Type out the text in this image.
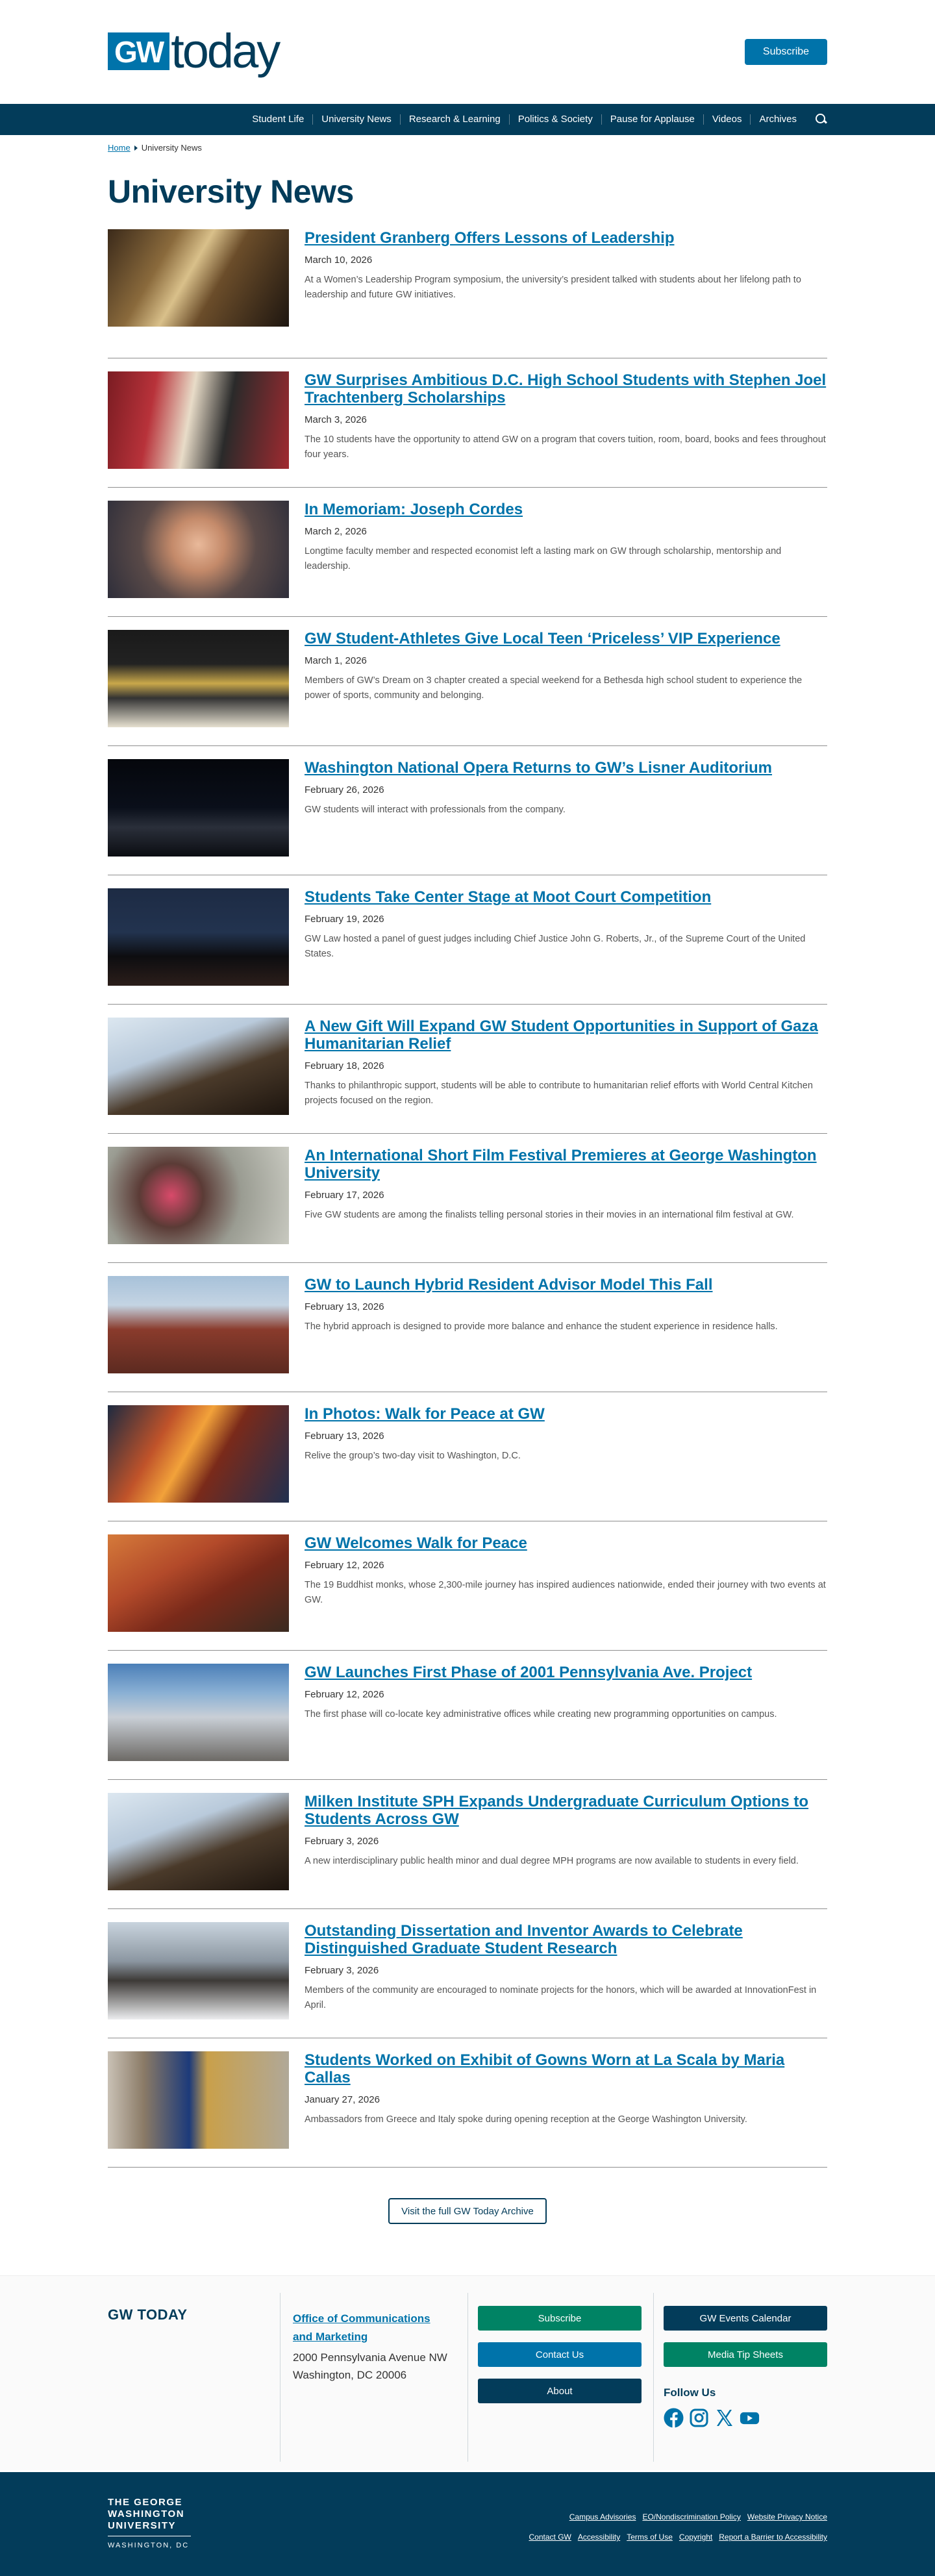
GW today	Subscribe
Student Life	University News	Research & Learning	Politics & Society	Pause for Applause	Videos	Archives
Home University News
University News
President Granberg Offers Lessons of Leadership
March 10, 2026
At a Women’s Leadership Program symposium, the university’s president talked with students about her lifelong path to leadership and future GW initiatives.
GW Surprises Ambitious D.C. High School Students with Stephen Joel Trachtenberg Scholarships
March 3, 2026
The 10 students have the opportunity to attend GW on a program that covers tuition, room, board, books and fees throughout four years.
In Memoriam: Joseph Cordes
March 2, 2026
Longtime faculty member and respected economist left a lasting mark on GW through scholarship, mentorship and leadership.
GW Student-Athletes Give Local Teen ‘Priceless’ VIP Experience
March 1, 2026
Members of GW’s Dream on 3 chapter created a special weekend for a Bethesda high school student to experience the power of sports, community and belonging.
Washington National Opera Returns to GW’s Lisner Auditorium
February 26, 2026
GW students will interact with professionals from the company.
Students Take Center Stage at Moot Court Competition
February 19, 2026
GW Law hosted a panel of guest judges including Chief Justice John G. Roberts, Jr., of the Supreme Court of the United States.
A New Gift Will Expand GW Student Opportunities in Support of Gaza Humanitarian Relief
February 18, 2026
Thanks to philanthropic support, students will be able to contribute to humanitarian relief efforts with World Central Kitchen projects focused on the region.
An International Short Film Festival Premieres at George Washington University
February 17, 2026
Five GW students are among the finalists telling personal stories in their movies in an international film festival at GW.
GW to Launch Hybrid Resident Advisor Model This Fall
February 13, 2026
The hybrid approach is designed to provide more balance and enhance the student experience in residence halls.
In Photos: Walk for Peace at GW
February 13, 2026
Relive the group’s two-day visit to Washington, D.C.
GW Welcomes Walk for Peace
February 12, 2026
The 19 Buddhist monks, whose 2,300-mile journey has inspired audiences nationwide, ended their journey with two events at GW.
GW Launches First Phase of 2001 Pennsylvania Ave. Project
February 12, 2026
The first phase will co-locate key administrative offices while creating new programming opportunities on campus.
Milken Institute SPH Expands Undergraduate Curriculum Options to Students Across GW
February 3, 2026
A new interdisciplinary public health minor and dual degree MPH programs are now available to students in every field.
Outstanding Dissertation and Inventor Awards to Celebrate Distinguished Graduate Student Research
February 3, 2026
Members of the community are encouraged to nominate projects for the honors, which will be awarded at InnovationFest in April.
Students Worked on Exhibit of Gowns Worn at La Scala by Maria Callas
January 27, 2026
Ambassadors from Greece and Italy spoke during opening reception at the George Washington University.
Visit the full GW Today Archive
GW TODAY	Office of Communications and Marketing
2000 Pennsylvania Avenue NW
Washington, DC 20006
Subscribe
Contact Us
About
GW Events Calendar
Media Tip Sheets
Follow Us
THE GEORGE
WASHINGTON
UNIVERSITY
WASHINGTON, DC
Campus Advisories EO/Nondiscrimination Policy Website Privacy Notice
Contact GW Accessibility Terms of Use Copyright Report a Barrier to Accessibility
